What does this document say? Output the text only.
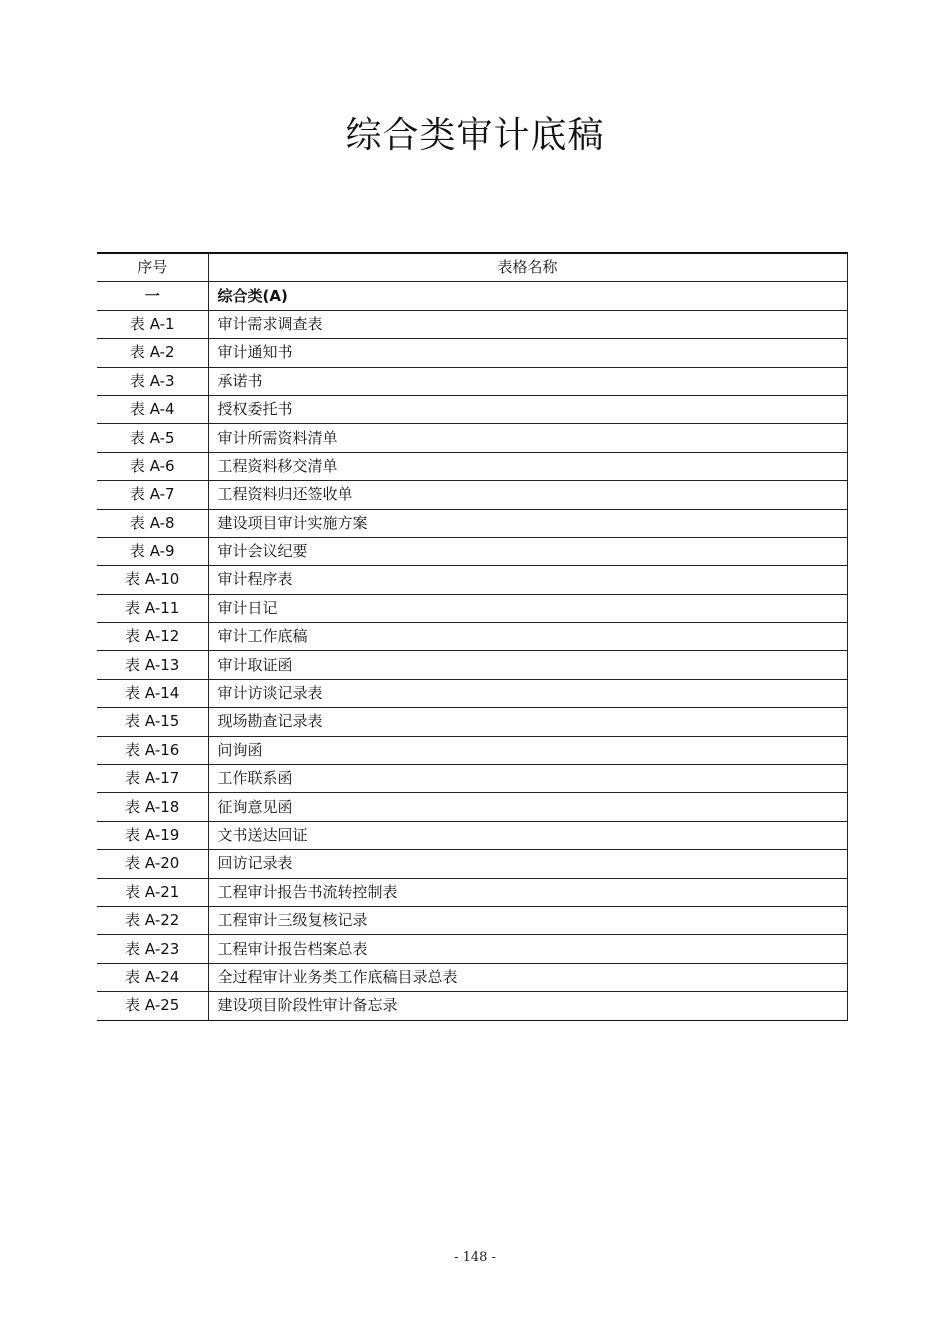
综合类审计底稿
序号	表格名称
一	综合类(A)
表 A-1	审计需求调查表
表 A-2	审计通知书
表 A-3	承诺书
表 A-4	授权委托书
表 A-5	审计所需资料清单
表 A-6	工程资料移交清单
表 A-7	工程资料归还签收单
表 A-8	建设项目审计实施方案
表 A-9	审计会议纪要
表 A-10	审计程序表
表 A-11	审计日记
表 A-12	审计工作底稿
表 A-13	审计取证函
表 A-14	审计访谈记录表
表 A-15	现场勘查记录表
表 A-16	问询函
表 A-17	工作联系函
表 A-18	征询意见函
表 A-19	文书送达回证
表 A-20	回访记录表
表 A-21	工程审计报告书流转控制表
表 A-22	工程审计三级复核记录
表 A-23	工程审计报告档案总表
表 A-24	全过程审计业务类工作底稿目录总表
表 A-25	建设项目阶段性审计备忘录
- 148 -
